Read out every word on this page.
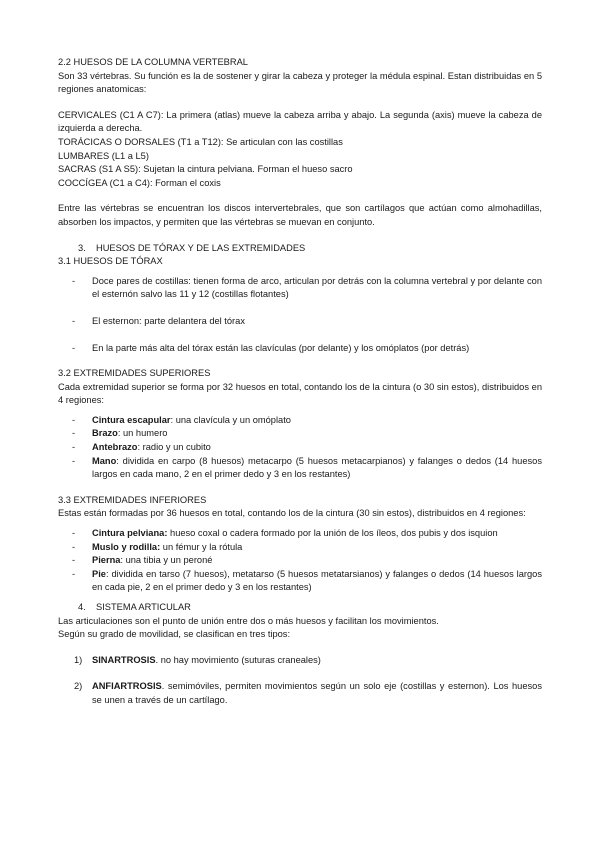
2.2 HUESOS DE LA COLUMNA VERTEBRAL

Son 33 vértebras. Su función es la de sostener y girar la cabeza y proteger la médula espinal. Estan distribuidas en 5 regiones anatomicas:

CERVICALES (C1 A C7): La primera (atlas) mueve la cabeza arriba y abajo. La segunda (axis) mueve la cabeza de izquierda a derecha.

TORÁCICAS O DORSALES (T1 a T12): Se articulan con las costillas

LUMBARES (L1 a L5)

SACRAS (S1 A S5): Sujetan la cintura pelviana. Forman el hueso sacro

COCCÍGEA (C1 a C4): Forman el coxis

Entre las vértebras se encuentran los discos intervertebrales, que son cartílagos que actúan como almohadillas, absorben los impactos, y permiten que las vértebras se muevan en conjunto.

3.	HUESOS DE TÓRAX Y DE LAS EXTREMIDADES

3.1 HUESOS DE TÓRAX

-	Doce pares de costillas: tienen forma de arco, articulan por detrás con la columna vertebral y por delante con el esternón salvo las 11 y 12 (costillas flotantes)
-	El esternon: parte delantera del tórax
-	En la parte más alta del tórax están las clavículas (por delante) y los omóplatos (por detrás)

3.2 EXTREMIDADES SUPERIORES

Cada extremidad superior se forma por 32 huesos en total, contando los de la cintura (o 30 sin estos), distribuidos en 4 regiones:

-	Cintura escapular: una clavícula y un omóplato
-	Brazo: un humero
-	Antebrazo: radio y un cubito
-	Mano: dividida en carpo (8 huesos) metacarpo (5 huesos metacarpianos) y falanges o dedos (14 huesos largos en cada mano, 2 en el primer dedo y 3 en los restantes)

3.3 EXTREMIDADES INFERIORES

Estas están formadas por 36 huesos en total, contando los de la cintura (30 sin estos), distribuidos en 4 regiones:

-	Cintura pelviana: hueso coxal o cadera formado por la unión de los íleos, dos pubis y dos isquion
-	Muslo y rodilla: un fémur y la rótula
-	Pierna: una tibia y un peroné
-	Pie: dividida en tarso (7 huesos), metatarso (5 huesos metatarsianos) y falanges o dedos (14 huesos largos en cada pie, 2 en el primer dedo y 3 en los restantes)
4.	SISTEMA ARTICULAR

Las articulaciones son el punto de unión entre dos o más huesos y facilitan los movimientos.

Según su grado de movilidad, se clasifican en tres tipos:

1)	SINARTROSIS. no hay movimiento (suturas craneales)
2)	ANFIARTROSIS. semimóviles, permiten movimientos según un solo eje (costillas y esternon). Los huesos se unen a través de un cartílago.
